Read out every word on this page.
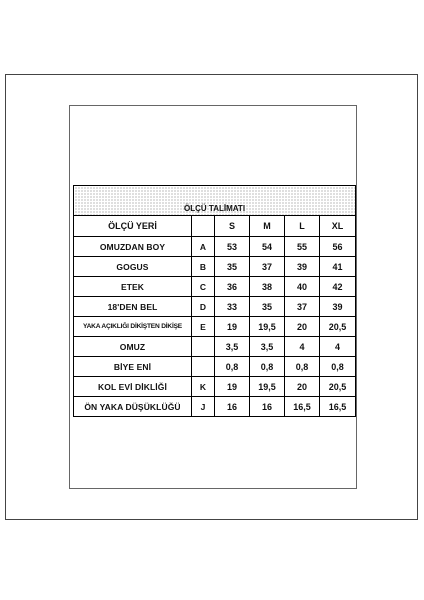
ÖLÇÜ TALİMATI					
ÖLÇÜ YERİ		S	M	L	XL
OMUZDAN BOY	A	53	54	55	56
GOGUS	B	35	37	39	41
ETEK	C	36	38	40	42
18'DEN BEL	D	33	35	37	39
YAKA AÇIKLIĞI DİKİŞTEN DİKİŞE	E	19	19,5	20	20,5
OMUZ		3,5	3,5	4	4
BİYE ENİ		0,8	0,8	0,8	0,8
KOL EVİ DİKLİĞİ	K	19	19,5	20	20,5
ÖN YAKA DÜŞÜKLÜĞÜ	J	16	16	16,5	16,5
